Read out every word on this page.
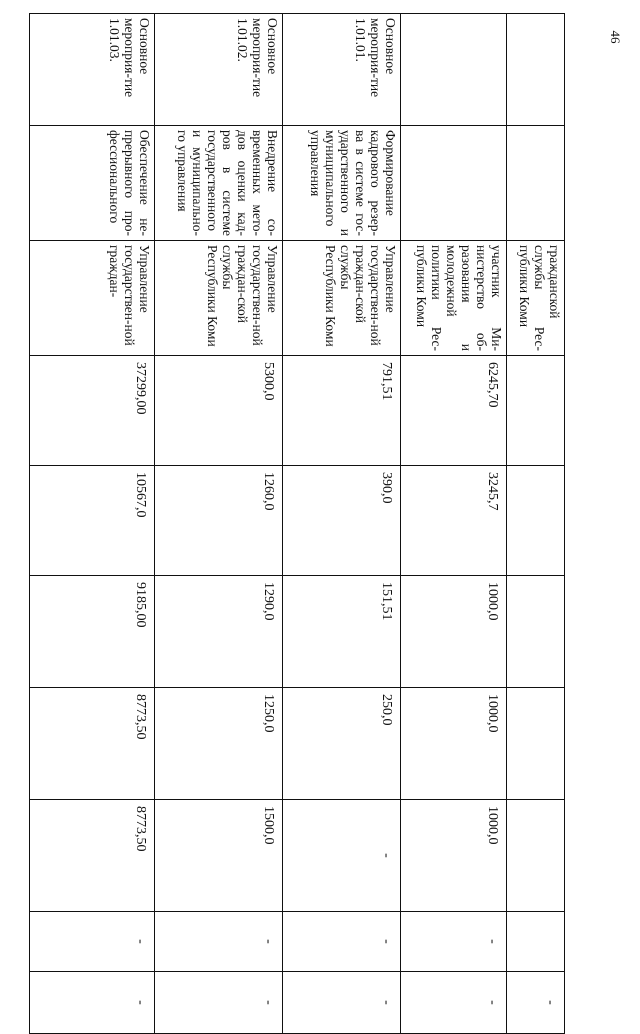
46
		гражданской службы Рес-публики Коми							-
		участник Ми-нистерство об-разования и молодежной политики Рес-публики Коми	6245,70	3245,7	1000,0	1000,0	1000,0	-	-
Основное мероприя-тие 1.01.01.	Формирование кадрового резер-ва в системе гос-ударственного и муниципального управления	Управление государствен-ной граждан-ской службы Республики Коми	791,51	390,0	151,51	250,0	-	-	-
Основное мероприя-тие 1.01.02.	Внедрение со-временных мето-дов оценки кад-ров в системе государственного и муниципально-го управления	Управление государствен-ной граждан-ской службы Республики Коми	5300,0	1260,0	1290,0	1250,0	1500,0	-	-
Основное мероприя-тие 1.01.03.	Обеспечение не-прерывного про-фессионального	Управление государствен-ной граждан-	37299,00	10567,0	9185,00	8773,50	8773,50	-	-
